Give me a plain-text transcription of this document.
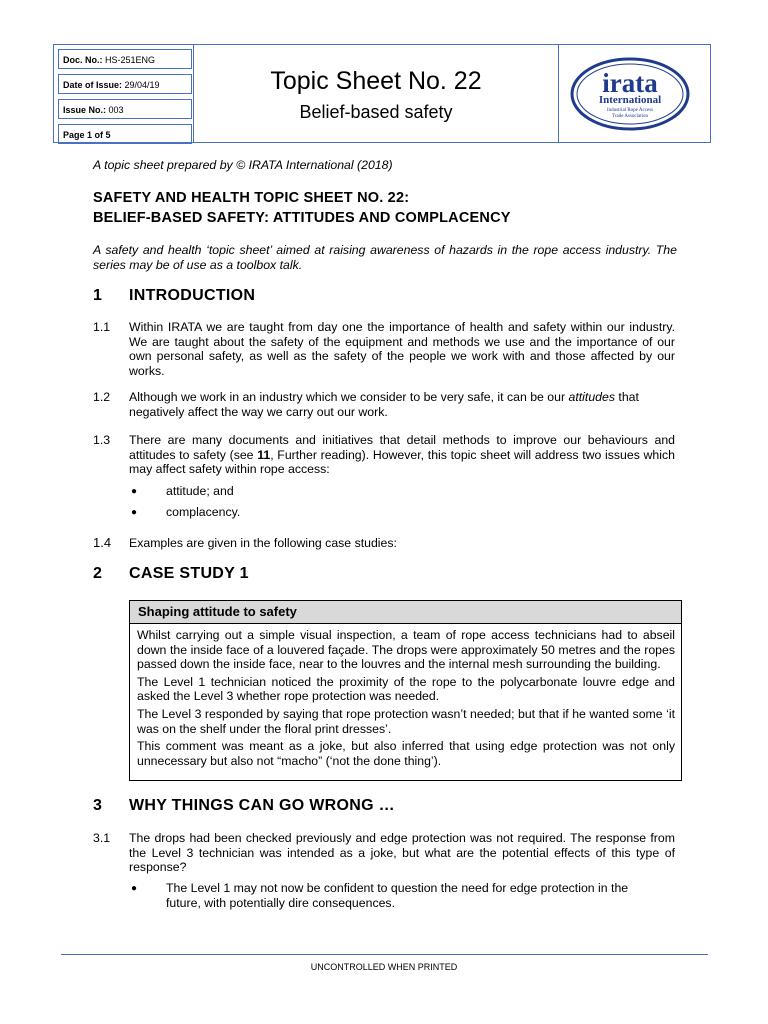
Doc. No.: HS-251ENG
Date of Issue: 29/04/19
Issue No.: 003
Page 1 of 5
Topic Sheet No. 22
Belief-based safety
irata
International
Industrial Rope Access
Trade Association
A topic sheet prepared by © IRATA International (2018)
SAFETY AND HEALTH TOPIC SHEET NO. 22:
BELIEF-BASED SAFETY: ATTITUDES AND COMPLACENCY
A safety and health ‘topic sheet’ aimed at raising awareness of hazards in the rope access industry. The series may be of use as a toolbox talk.
1 INTRODUCTION
1.1 Within IRATA we are taught from day one the importance of health and safety within our industry. We are taught about the safety of the equipment and methods we use and the importance of our own personal safety, as well as the safety of the people we work with and those affected by our works.
1.2 Although we work in an industry which we consider to be very safe, it can be our attitudes that negatively affect the way we carry out our work.
1.3 There are many documents and initiatives that detail methods to improve our behaviours and attitudes to safety (see 11, Further reading). However, this topic sheet will address two issues which may affect safety within rope access:
● attitude; and
● complacency.
1.4 Examples are given in the following case studies:
2 CASE STUDY 1
Shaping attitude to safety
Whilst carrying out a simple visual inspection, a team of rope access technicians had to abseil down the inside face of a louvered façade. The drops were approximately 50 metres and the ropes passed down the inside face, near to the louvres and the internal mesh surrounding the building.
The Level 1 technician noticed the proximity of the rope to the polycarbonate louvre edge and asked the Level 3 whether rope protection was needed.
The Level 3 responded by saying that rope protection wasn’t needed; but that if he wanted some ‘it was on the shelf under the floral print dresses’.
This comment was meant as a joke, but also inferred that using edge protection was not only unnecessary but also not “macho” (‘not the done thing’).
3 WHY THINGS CAN GO WRONG …
3.1 The drops had been checked previously and edge protection was not required. The response from the Level 3 technician was intended as a joke, but what are the potential effects of this type of response?
● The Level 1 may not now be confident to question the need for edge protection in the future, with potentially dire consequences.
UNCONTROLLED WHEN PRINTED
